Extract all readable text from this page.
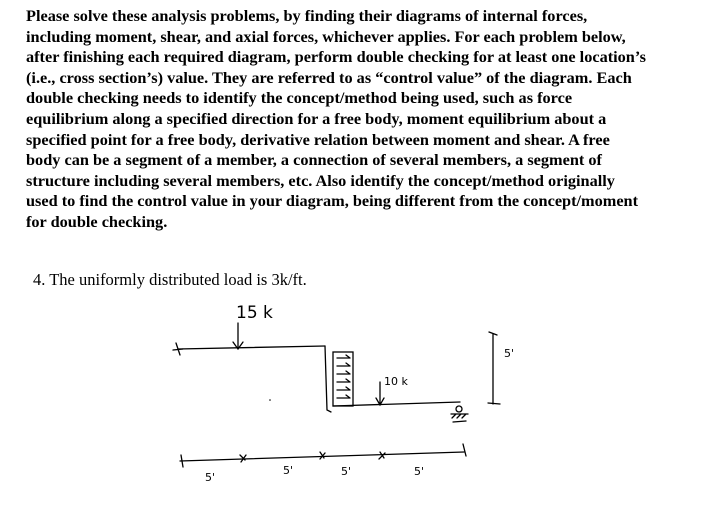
Please solve these analysis problems, by finding their diagrams of internal forces,
including moment, shear, and axial forces, whichever applies. For each problem below,
after finishing each required diagram, perform double checking for at least one location’s
(i.e., cross section’s) value. They are referred to as “control value” of the diagram. Each
double checking needs to identify the concept/method being used, such as force
equilibrium along a specified direction for a free body, moment equilibrium about a
specified point for a free body, derivative relation between moment and shear. A free
body can be a segment of a member, a connection of several members, a segment of
structure including several members, etc. Also identify the concept/method originally
used to find the control value in your diagram, being different from the concept/moment
for double checking.
4. The uniformly distributed load is 3k/ft.
15 k
10 k
5'
5'
5'	5'	5'
